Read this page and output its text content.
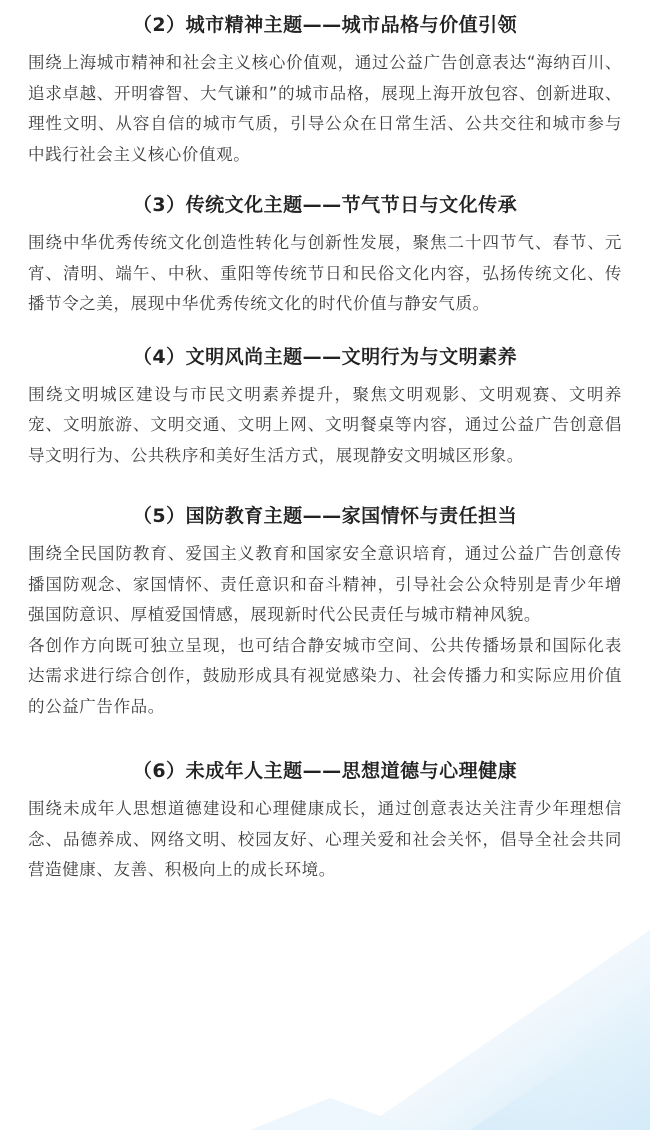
（2）城市精神主题——城市品格与价值引领

围绕上海城市精神和社会主义核心价值观，通过公益广告创意表达“海纳百川、追求卓越、开明睿智、大气谦和”的城市品格，展现上海开放包容、创新进取、理性文明、从容自信的城市气质，引导公众在日常生活、公共交往和城市参与中践行社会主义核心价值观。

（3）传统文化主题——节气节日与文化传承

围绕中华优秀传统文化创造性转化与创新性发展，聚焦二十四节气、春节、元宵、清明、端午、中秋、重阳等传统节日和民俗文化内容，弘扬传统文化、传播节令之美，展现中华优秀传统文化的时代价值与静安气质。

（4）文明风尚主题——文明行为与文明素养

围绕文明城区建设与市民文明素养提升，聚焦文明观影、文明观赛、文明养宠、文明旅游、文明交通、文明上网、文明餐桌等内容，通过公益广告创意倡导文明行为、公共秩序和美好生活方式，展现静安文明城区形象。

（5）国防教育主题——家国情怀与责任担当

围绕全民国防教育、爱国主义教育和国家安全意识培育，通过公益广告创意传播国防观念、家国情怀、责任意识和奋斗精神，引导社会公众特别是青少年增强国防意识、厚植爱国情感，展现新时代公民责任与城市精神风貌。

各创作方向既可独立呈现，也可结合静安城市空间、公共传播场景和国际化表达需求进行综合创作，鼓励形成具有视觉感染力、社会传播力和实际应用价值的公益广告作品。

（6）未成年人主题——思想道德与心理健康

围绕未成年人思想道德建设和心理健康成长，通过创意表达关注青少年理想信念、品德养成、网络文明、校园友好、心理关爱和社会关怀，倡导全社会共同营造健康、友善、积极向上的成长环境。
